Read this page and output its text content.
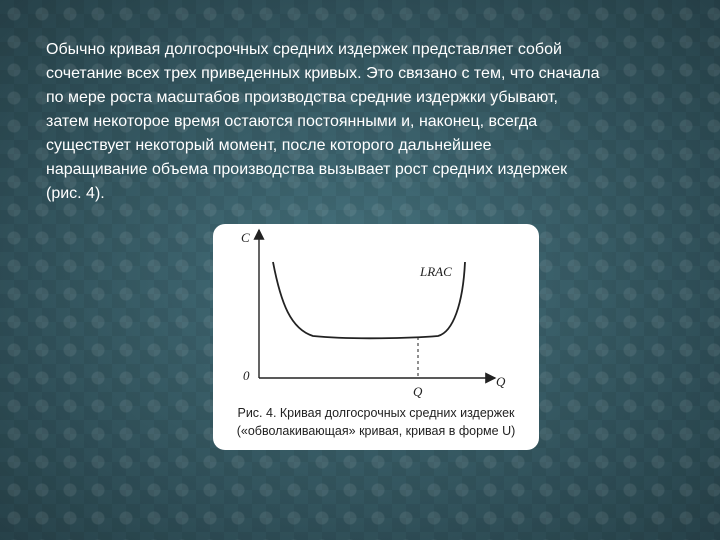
Обычно кривая долгосрочных средних издержек представляет собой
сочетание всех трех приведенных кривых. Это связано с тем, что сначала
по мере роста масштабов производства средние издержки убывают,
затем некоторое время остаются постоянными и, наконец, всегда
существует некоторый момент, после которого дальнейшее
наращивание объема производства вызывает рост средних издержек
(рис. 4).
C
Q
0
Q
LRAC
Рис. 4. Кривая долгосрочных средних издержек
(«обволакивающая» кривая, кривая в форме U)
